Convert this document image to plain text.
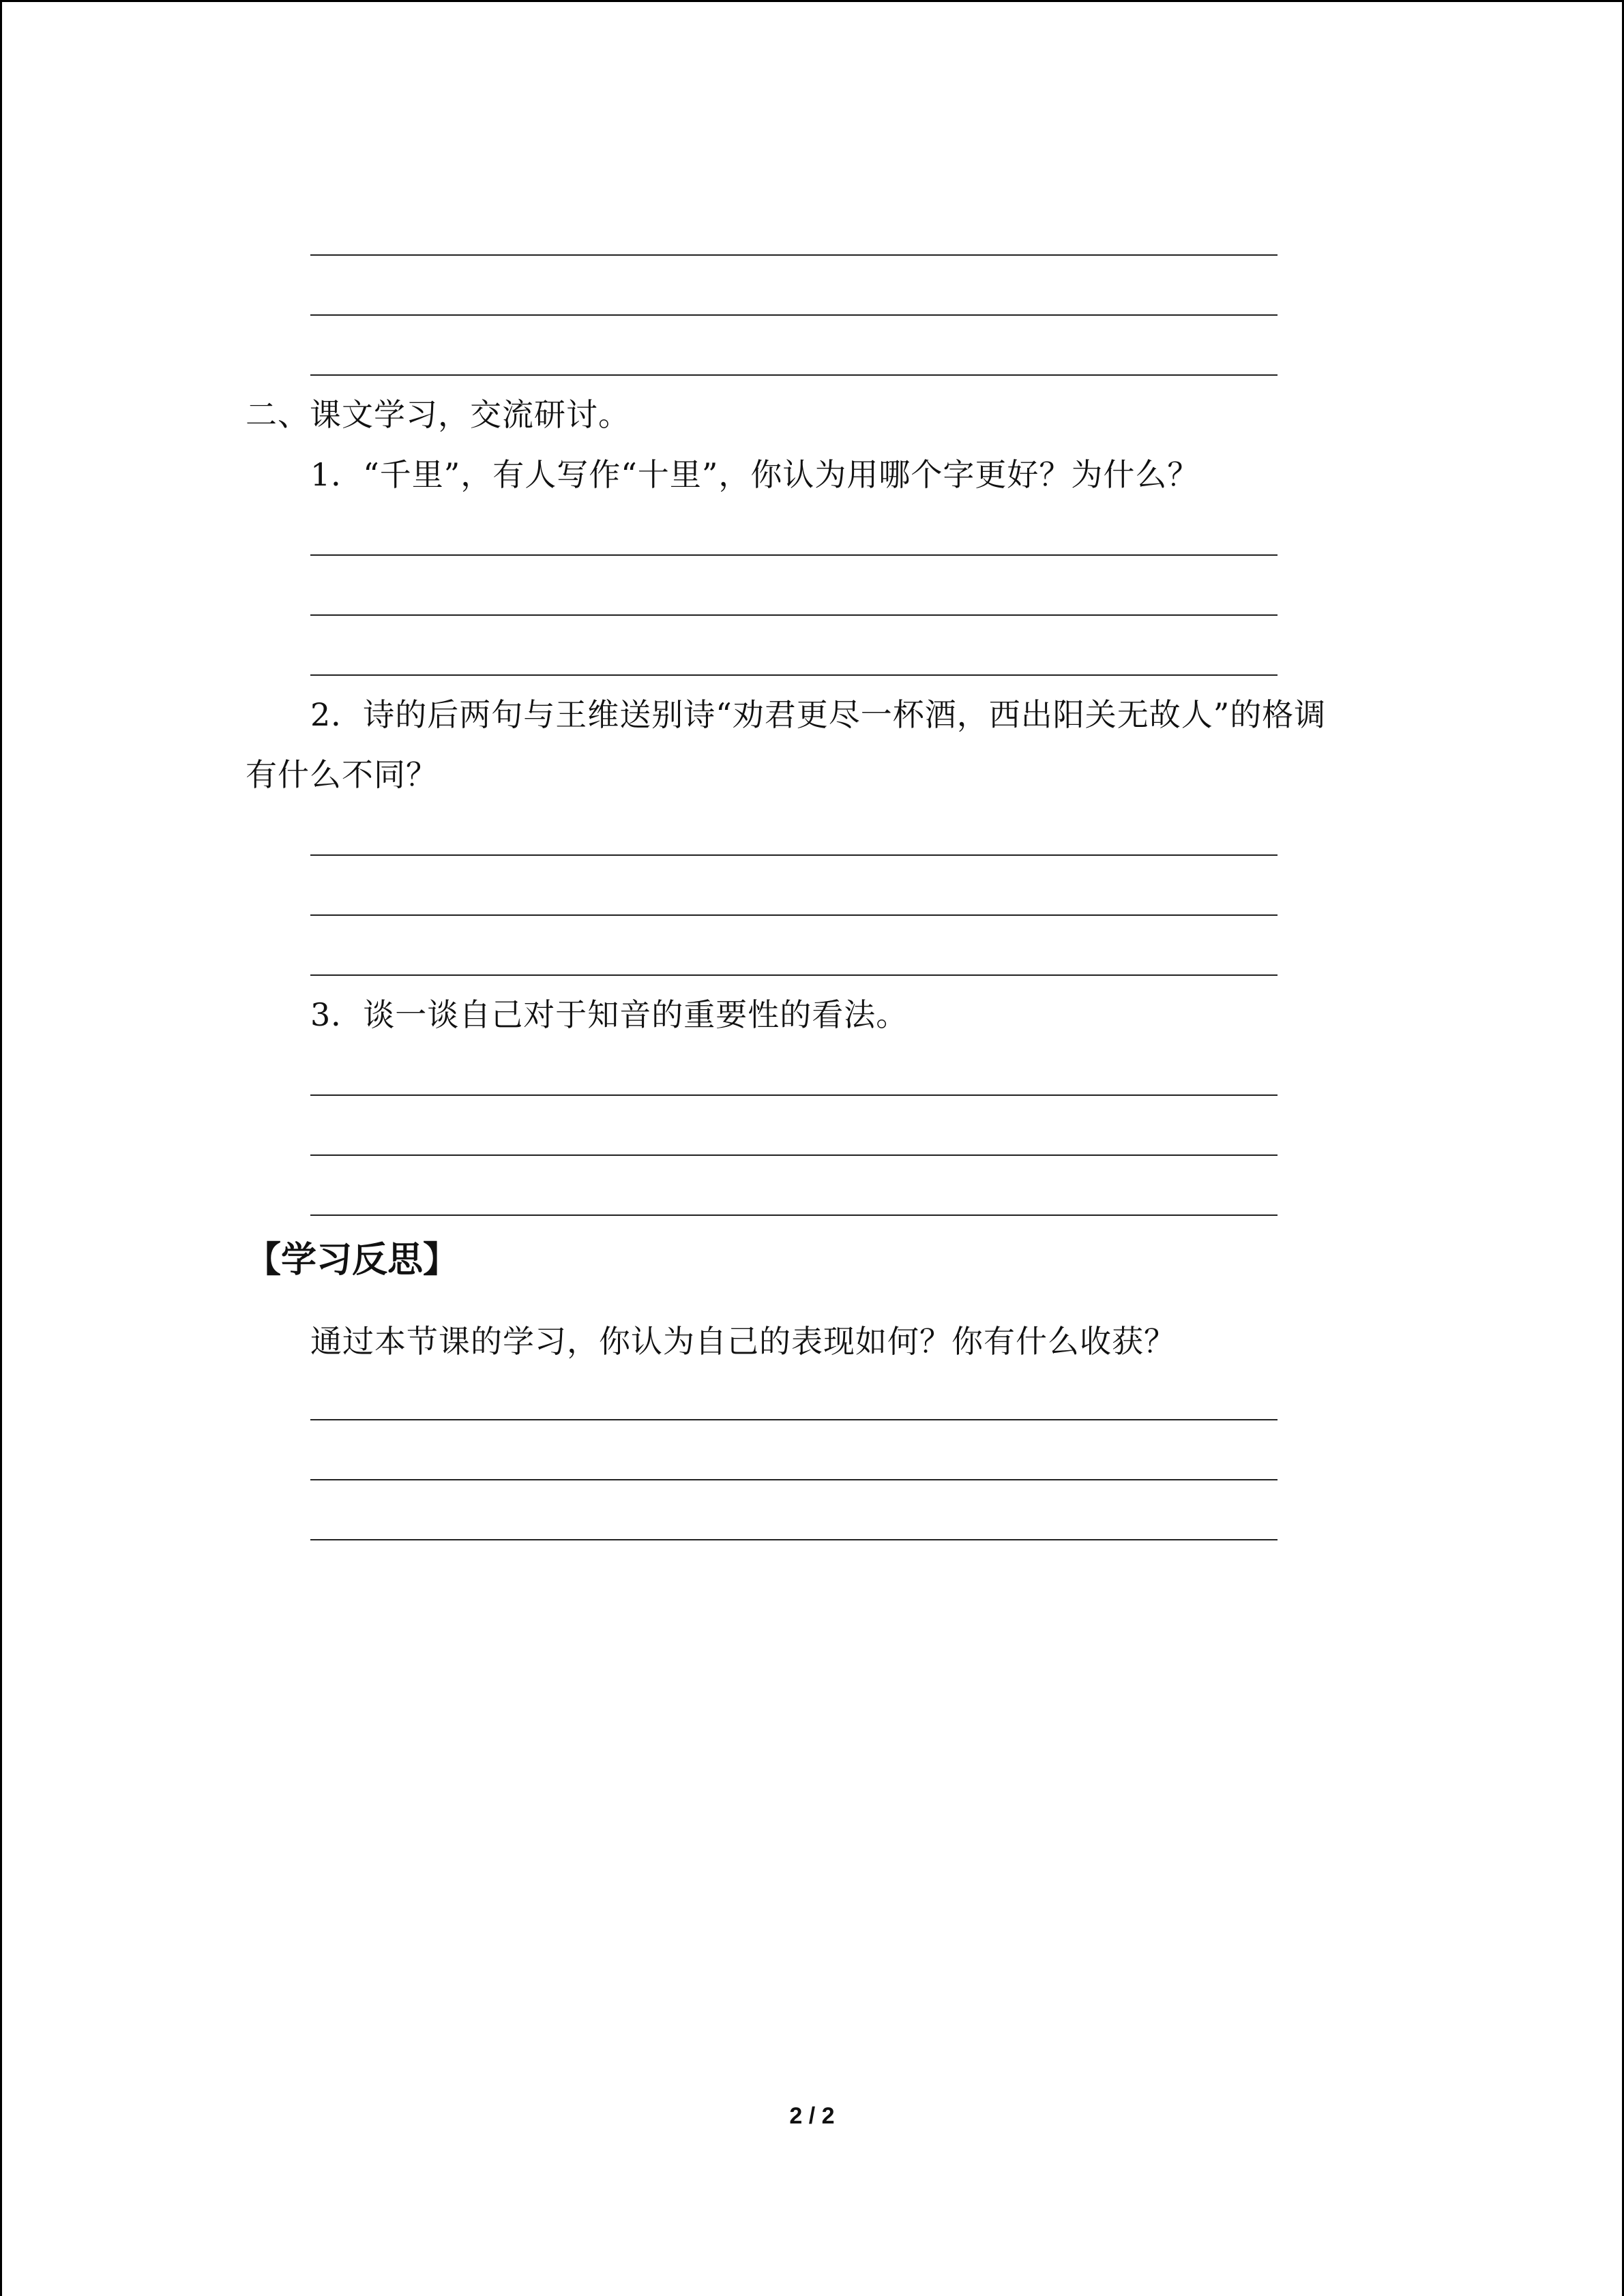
二、课文学习，交流研讨。
1．“千里”，有人写作“十里”，你认为用哪个字更好？为什么？
2．诗的后两句与王维送别诗“劝君更尽一杯酒，西出阳关无故人”的格调
有什么不同？
3．谈一谈自己对于知音的重要性的看法。
【学习反思】
通过本节课的学习，你认为自己的表现如何？你有什么收获？
2 / 2
